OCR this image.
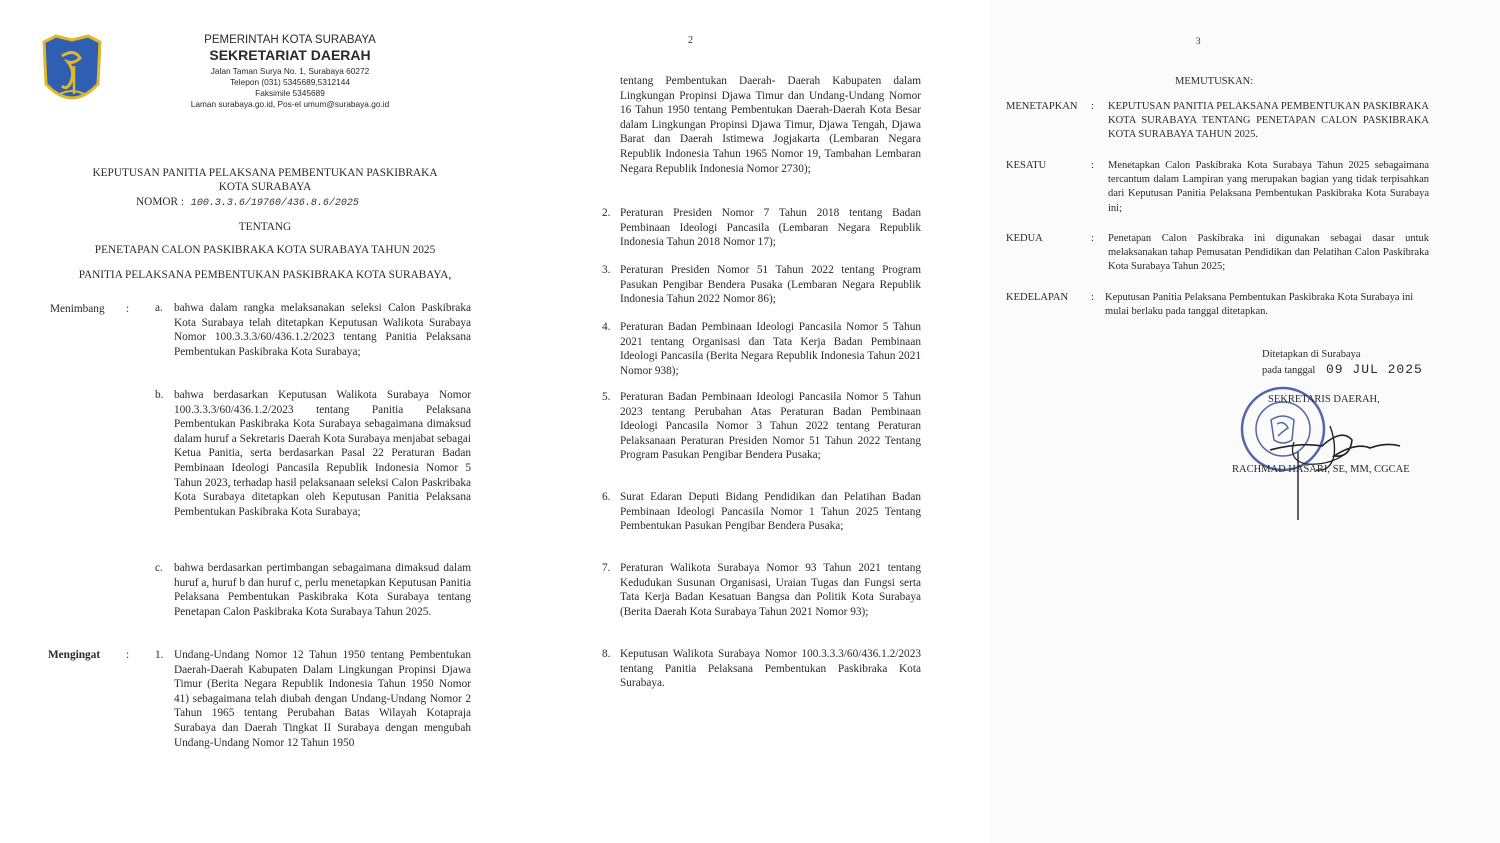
PEMERINTAH KOTA SURABAYA
SEKRETARIAT DAERAH
Jalan Taman Surya No. 1, Surabaya 60272
Telepon (031) 5345689,5312144
Faksimile 5345689
Laman surabaya.go.id, Pos-el umum@surabaya.go.id
KEPUTUSAN PANITIA PELAKSANA PEMBENTUKAN PASKIBRAKA
KOTA SURABAYA
NOMOR : 100.3.3.6/19760/436.8.6/2025
TENTANG
PENETAPAN CALON PASKIBRAKA KOTA SURABAYA TAHUN 2025
PANITIA PELAKSANA PEMBENTUKAN PASKIBRAKA KOTA SURABAYA,
Menimbang : a. bahwa dalam rangka melaksanakan seleksi Calon Paskibraka Kota Surabaya telah ditetapkan Keputusan Walikota Surabaya Nomor 100.3.3.3/60/436.1.2/2023 tentang Panitia Pelaksana Pembentukan Paskibraka Kota Surabaya;
b. bahwa berdasarkan Keputusan Walikota Surabaya Nomor 100.3.3.3/60/436.1.2/2023 tentang Panitia Pelaksana Pembentukan Paskibraka Kota Surabaya sebagaimana dimaksud dalam huruf a Sekretaris Daerah Kota Surabaya menjabat sebagai Ketua Panitia, serta berdasarkan Pasal 22 Peraturan Badan Pembinaan Ideologi Pancasila Republik Indonesia Nomor 5 Tahun 2023, terhadap hasil pelaksanaan seleksi Calon Paskribaka Kota Surabaya ditetapkan oleh Keputusan Panitia Pelaksana Pembentukan Paskibraka Kota Surabaya;
c. bahwa berdasarkan pertimbangan sebagaimana dimaksud dalam huruf a, huruf b dan huruf c, perlu menetapkan Keputusan Panitia Pelaksana Pembentukan Paskibraka Kota Surabaya tentang Penetapan Calon Paskibraka Kota Surabaya Tahun 2025.
Mengingat : 1. Undang-Undang Nomor 12 Tahun 1950 tentang Pembentukan Daerah-Daerah Kabupaten Dalam Lingkungan Propinsi Djawa Timur (Berita Negara Republik Indonesia Tahun 1950 Nomor 41) sebagaimana telah diubah dengan Undang-Undang Nomor 2 Tahun 1965 tentang Perubahan Batas Wilayah Kotapraja Surabaya dan Daerah Tingkat II Surabaya dengan mengubah Undang-Undang Nomor 12 Tahun 1950
2
tentang Pembentukan Daerah- Daerah Kabupaten dalam Lingkungan Propinsi Djawa Timur dan Undang-Undang Nomor 16 Tahun 1950 tentang Pembentukan Daerah-Daerah Kota Besar dalam Lingkungan Propinsi Djawa Timur, Djawa Tengah, Djawa Barat dan Daerah Istimewa Jogjakarta (Lembaran Negara Republik Indonesia Tahun 1965 Nomor 19, Tambahan Lembaran Negara Republik Indonesia Nomor 2730);
2. Peraturan Presiden Nomor 7 Tahun 2018 tentang Badan Pembinaan Ideologi Pancasila (Lembaran Negara Republik Indonesia Tahun 2018 Nomor 17);
3. Peraturan Presiden Nomor 51 Tahun 2022 tentang Program Pasukan Pengibar Bendera Pusaka (Lembaran Negara Republik Indonesia Tahun 2022 Nomor 86);
4. Peraturan Badan Pembinaan Ideologi Pancasila Nomor 5 Tahun 2021 tentang Organisasi dan Tata Kerja Badan Pembinaan Ideologi Pancasila (Berita Negara Republik Indonesia Tahun 2021 Nomor 938);
5. Peraturan Badan Pembinaan Ideologi Pancasila Nomor 5 Tahun 2023 tentang Perubahan Atas Peraturan Badan Pembinaan Ideologi Pancasila Nomor 3 Tahun 2022 tentang Peraturan Pelaksanaan Peraturan Presiden Nomor 51 Tahun 2022 Tentang Program Pasukan Pengibar Bendera Pusaka;
6. Surat Edaran Deputi Bidang Pendidikan dan Pelatihan Badan Pembinaan Ideologi Pancasila Nomor 1 Tahun 2025 Tentang Pembentukan Pasukan Pengibar Bendera Pusaka;
7. Peraturan Walikota Surabaya Nomor 93 Tahun 2021 tentang Kedudukan Susunan Organisasi, Uraian Tugas dan Fungsi serta Tata Kerja Badan Kesatuan Bangsa dan Politik Kota Surabaya (Berita Daerah Kota Surabaya Tahun 2021 Nomor 93);
8. Keputusan Walikota Surabaya Nomor 100.3.3.3/60/436.1.2/2023 tentang Panitia Pelaksana Pembentukan Paskibraka Kota Surabaya.
3
MEMUTUSKAN:
MENETAPKAN : KEPUTUSAN PANITIA PELAKSANA PEMBENTUKAN PASKIBRAKA KOTA SURABAYA TENTANG PENETAPAN CALON PASKIBRAKA KOTA SURABAYA TAHUN 2025.
KESATU	: Menetapkan Calon Paskibraka Kota Surabaya Tahun 2025 sebagaimana tercantum dalam Lampiran yang merupakan bagian yang tidak terpisahkan dari Keputusan Panitia Pelaksana Pembentukan Paskibraka Kota Surabaya ini;
KEDUA	: Penetapan Calon Paskibraka ini digunakan sebagai dasar untuk melaksanakan tahap Pemusatan Pendidikan dan Pelatihan Calon Paskibraka Kota Surabaya Tahun 2025;
KEDELAPAN : Keputusan Panitia Pelaksana Pembentukan Paskibraka Kota Surabaya ini mulai berlaku pada tanggal ditetapkan.
Ditetapkan di Surabaya
pada tanggal 09 JUL 2025
SEKRETARIS DAERAH,
RACHMAD HASARI, SE, MM, CGCAE
